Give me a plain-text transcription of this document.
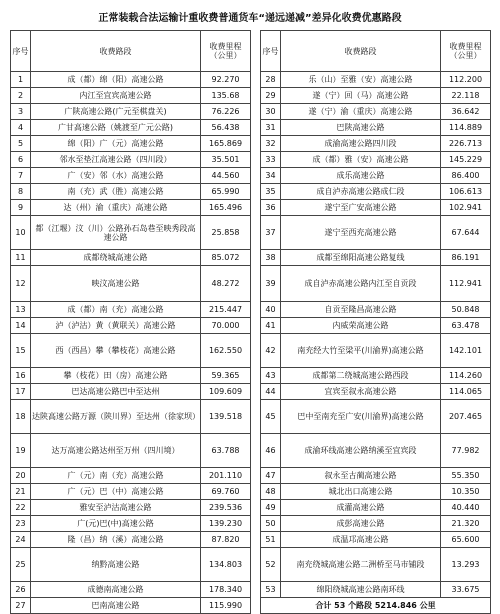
正常装载合法运输计重收费普通货车“递远递减”差异化收费优惠路段
序号	收费路段	收费里程（公里）
1	成（都）绵（阳）高速公路	92.270
2	内江至宜宾高速公路	135.68
3	广陕高速公路(广元至棋盘关)	76.226
4	广甘高速公路（姚渡至广元公路)	56.438
5	绵（阳）广（元）高速公路	165.869
6	邻水至垫江高速公路（四川段）	35.501
7	广（安）邻（水）高速公路	44.560
8	南（充）武（胜）高速公路	65.990
9	达（州）渝（重庆）高速公路	165.496
10	都（江堰）汶（川）公路孙石岛巷至映秀段高速公路	25.858
11	成都绕城高速公路	85.072
12	映汶高速公路	48.272
13	成（都）南（充）高速公路	215.447
14	泸（泸沽）黄（黄联关）高速公路	70.000
15	西（西昌）攀（攀枝花）高速公路	162.550
16	攀（枝花）田（房）高速公路	59.365
17	巴达高速公路巴中至达州	109.609
18	达陕高速公路万源（陕川界）至达州（徐家坝）	139.518
19	达万高速公路达州至万州（四川境）	63.788
20	广（元）南（充）高速公路	201.110
21	广（元）巴（中）高速公路	69.760
22	雅安至泸沽高速公路	239.536
23	广(元)巴(中)高速公路	139.230
24	隆（昌）纳（溪）高速公路	87.820
25	纳黔高速公路	134.803
26	成德南高速公路	178.340
27	巴南高速公路	115.990
序号	收费路段	收费里程（公里）
28	乐（山）至雅（安）高速公路	112.200
29	遂（宁）回（马）高速公路	22.118
30	遂（宁）渝（重庆）高速公路	36.642
31	巴陕高速公路	114.889
32	成渝高速公路四川段	226.713
33	成（都）雅（安）高速公路	145.229
34	成乐高速公路	86.400
35	成自泸赤高速公路成仁段	106.613
36	遂宁至广安高速公路	102.941
37	遂宁至西充高速公路	67.644
38	成都至绵阳高速公路复线	86.191
39	成自泸赤高速公路内江至自贡段	112.941
40	自贡至隆昌高速公路	50.848
41	内威荣高速公路	63.478
42	南充经大竹至梁平(川渝界)高速公路	142.101
43	成都第二绕城高速公路西段	114.260
44	宜宾至叙永高速公路	114.065
45	巴中至南充至广安(川渝界)高速公路	207.465
46	成渝环线高速公路纳溪至宜宾段	77.982
47	叙永至古蔺高速公路	55.350
48	城北出口高速公路	10.350
49	成灌高速公路	40.440
50	成彭高速公路	21.320
51	成温邛高速公路	65.600
52	南充绕城高速公路二洲桥至马市铺段	13.293
53	绵阳绕城高速公路南环线	33.675
合计 53 个路段 5214.846 公里		
